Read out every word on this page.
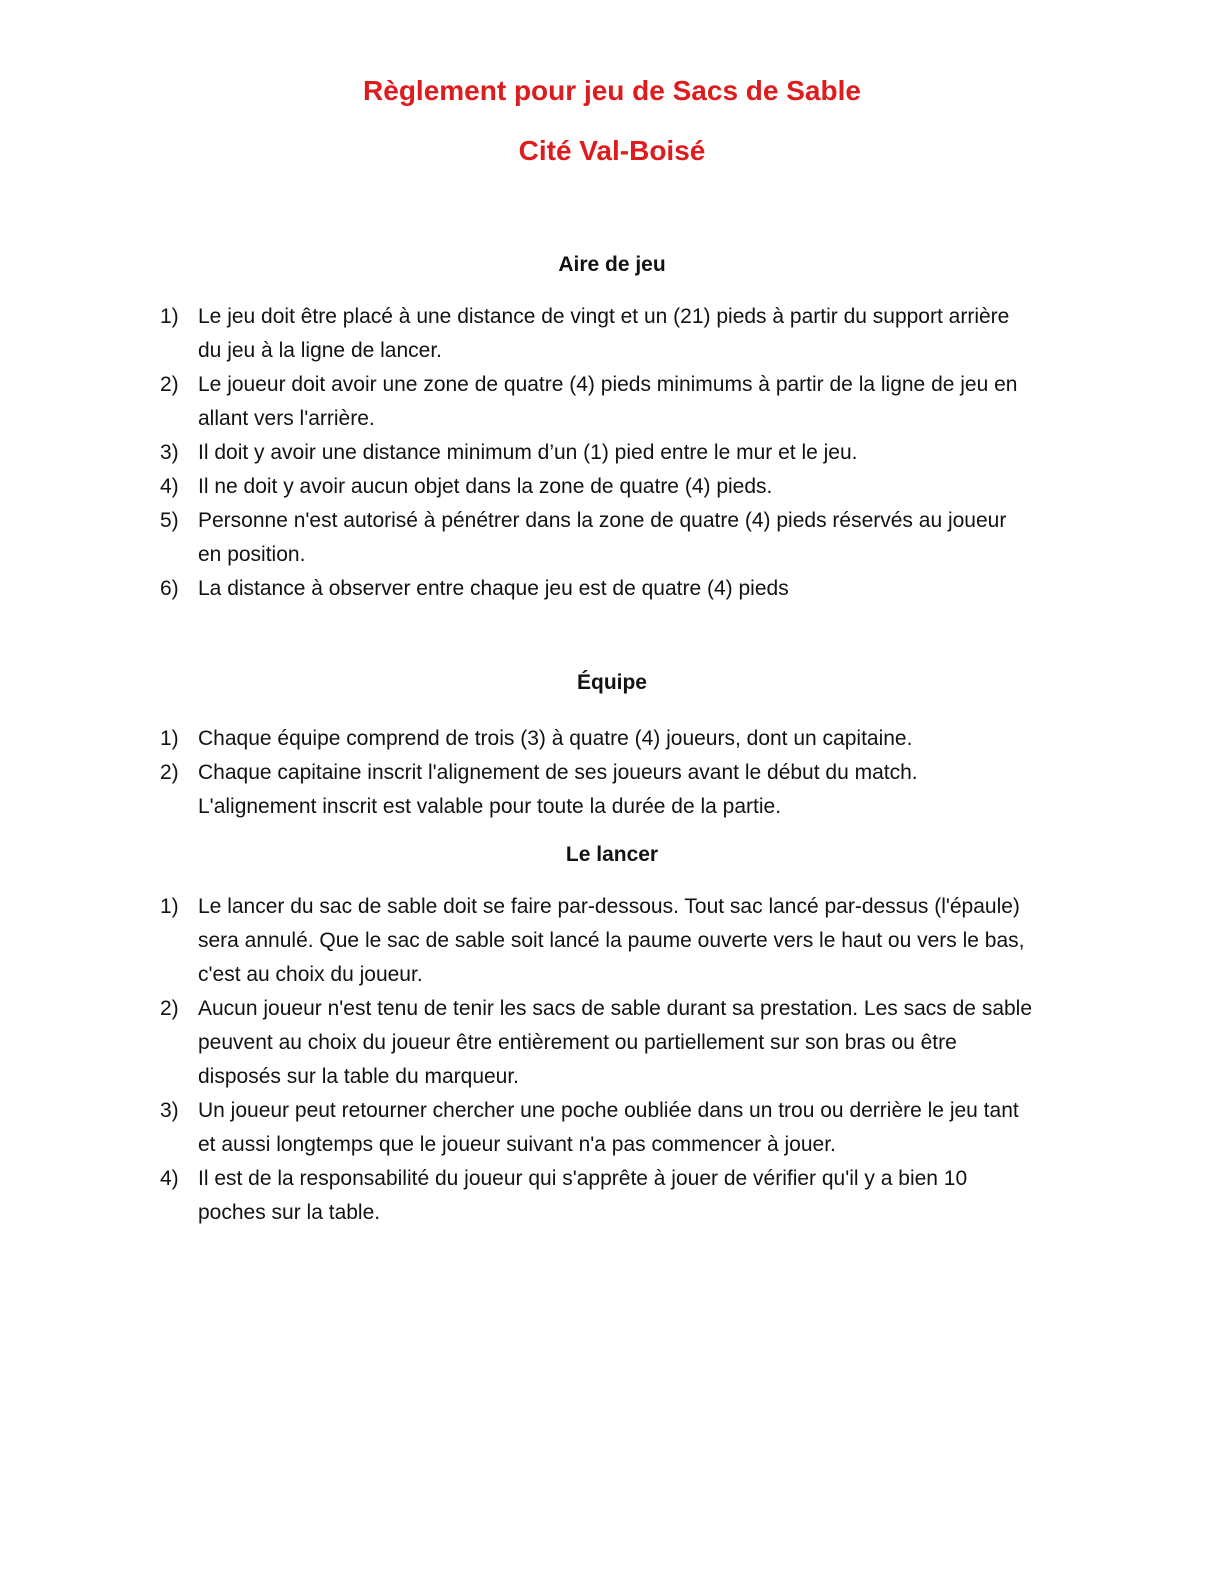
Règlement pour jeu de Sacs de Sable
Cité Val-Boisé
Aire de jeu
1) Le jeu doit être placé à une distance de vingt et un (21) pieds à partir du support arrière du jeu à la ligne de lancer.
2) Le joueur doit avoir une zone de quatre (4) pieds minimums à partir de la ligne de jeu en allant vers l'arrière.
3) Il doit y avoir une distance minimum d’un (1) pied entre le mur et le jeu.
4) Il ne doit y avoir aucun objet dans la zone de quatre (4) pieds.
5) Personne n'est autorisé à pénétrer dans la zone de quatre (4) pieds réservés au joueur en position.
6) La distance à observer entre chaque jeu est de quatre (4) pieds
Équipe
1) Chaque équipe comprend de trois (3) à quatre (4) joueurs, dont un capitaine.
2) Chaque capitaine inscrit l'alignement de ses joueurs avant le début du match. L'alignement inscrit est valable pour toute la durée de la partie.
Le lancer
1) Le lancer du sac de sable doit se faire par-dessous. Tout sac lancé par-dessus (l'épaule) sera annulé. Que le sac de sable soit lancé la paume ouverte vers le haut ou vers le bas, c'est au choix du joueur.
2) Aucun joueur n'est tenu de tenir les sacs de sable durant sa prestation. Les sacs de sable peuvent au choix du joueur être entièrement ou partiellement sur son bras ou être disposés sur la table du marqueur.
3) Un joueur peut retourner chercher une poche oubliée dans un trou ou derrière le jeu tant et aussi longtemps que le joueur suivant n'a pas commencer à jouer.
4) Il est de la responsabilité du joueur qui s'apprête à jouer de vérifier qu'il y a bien 10 poches sur la table.
